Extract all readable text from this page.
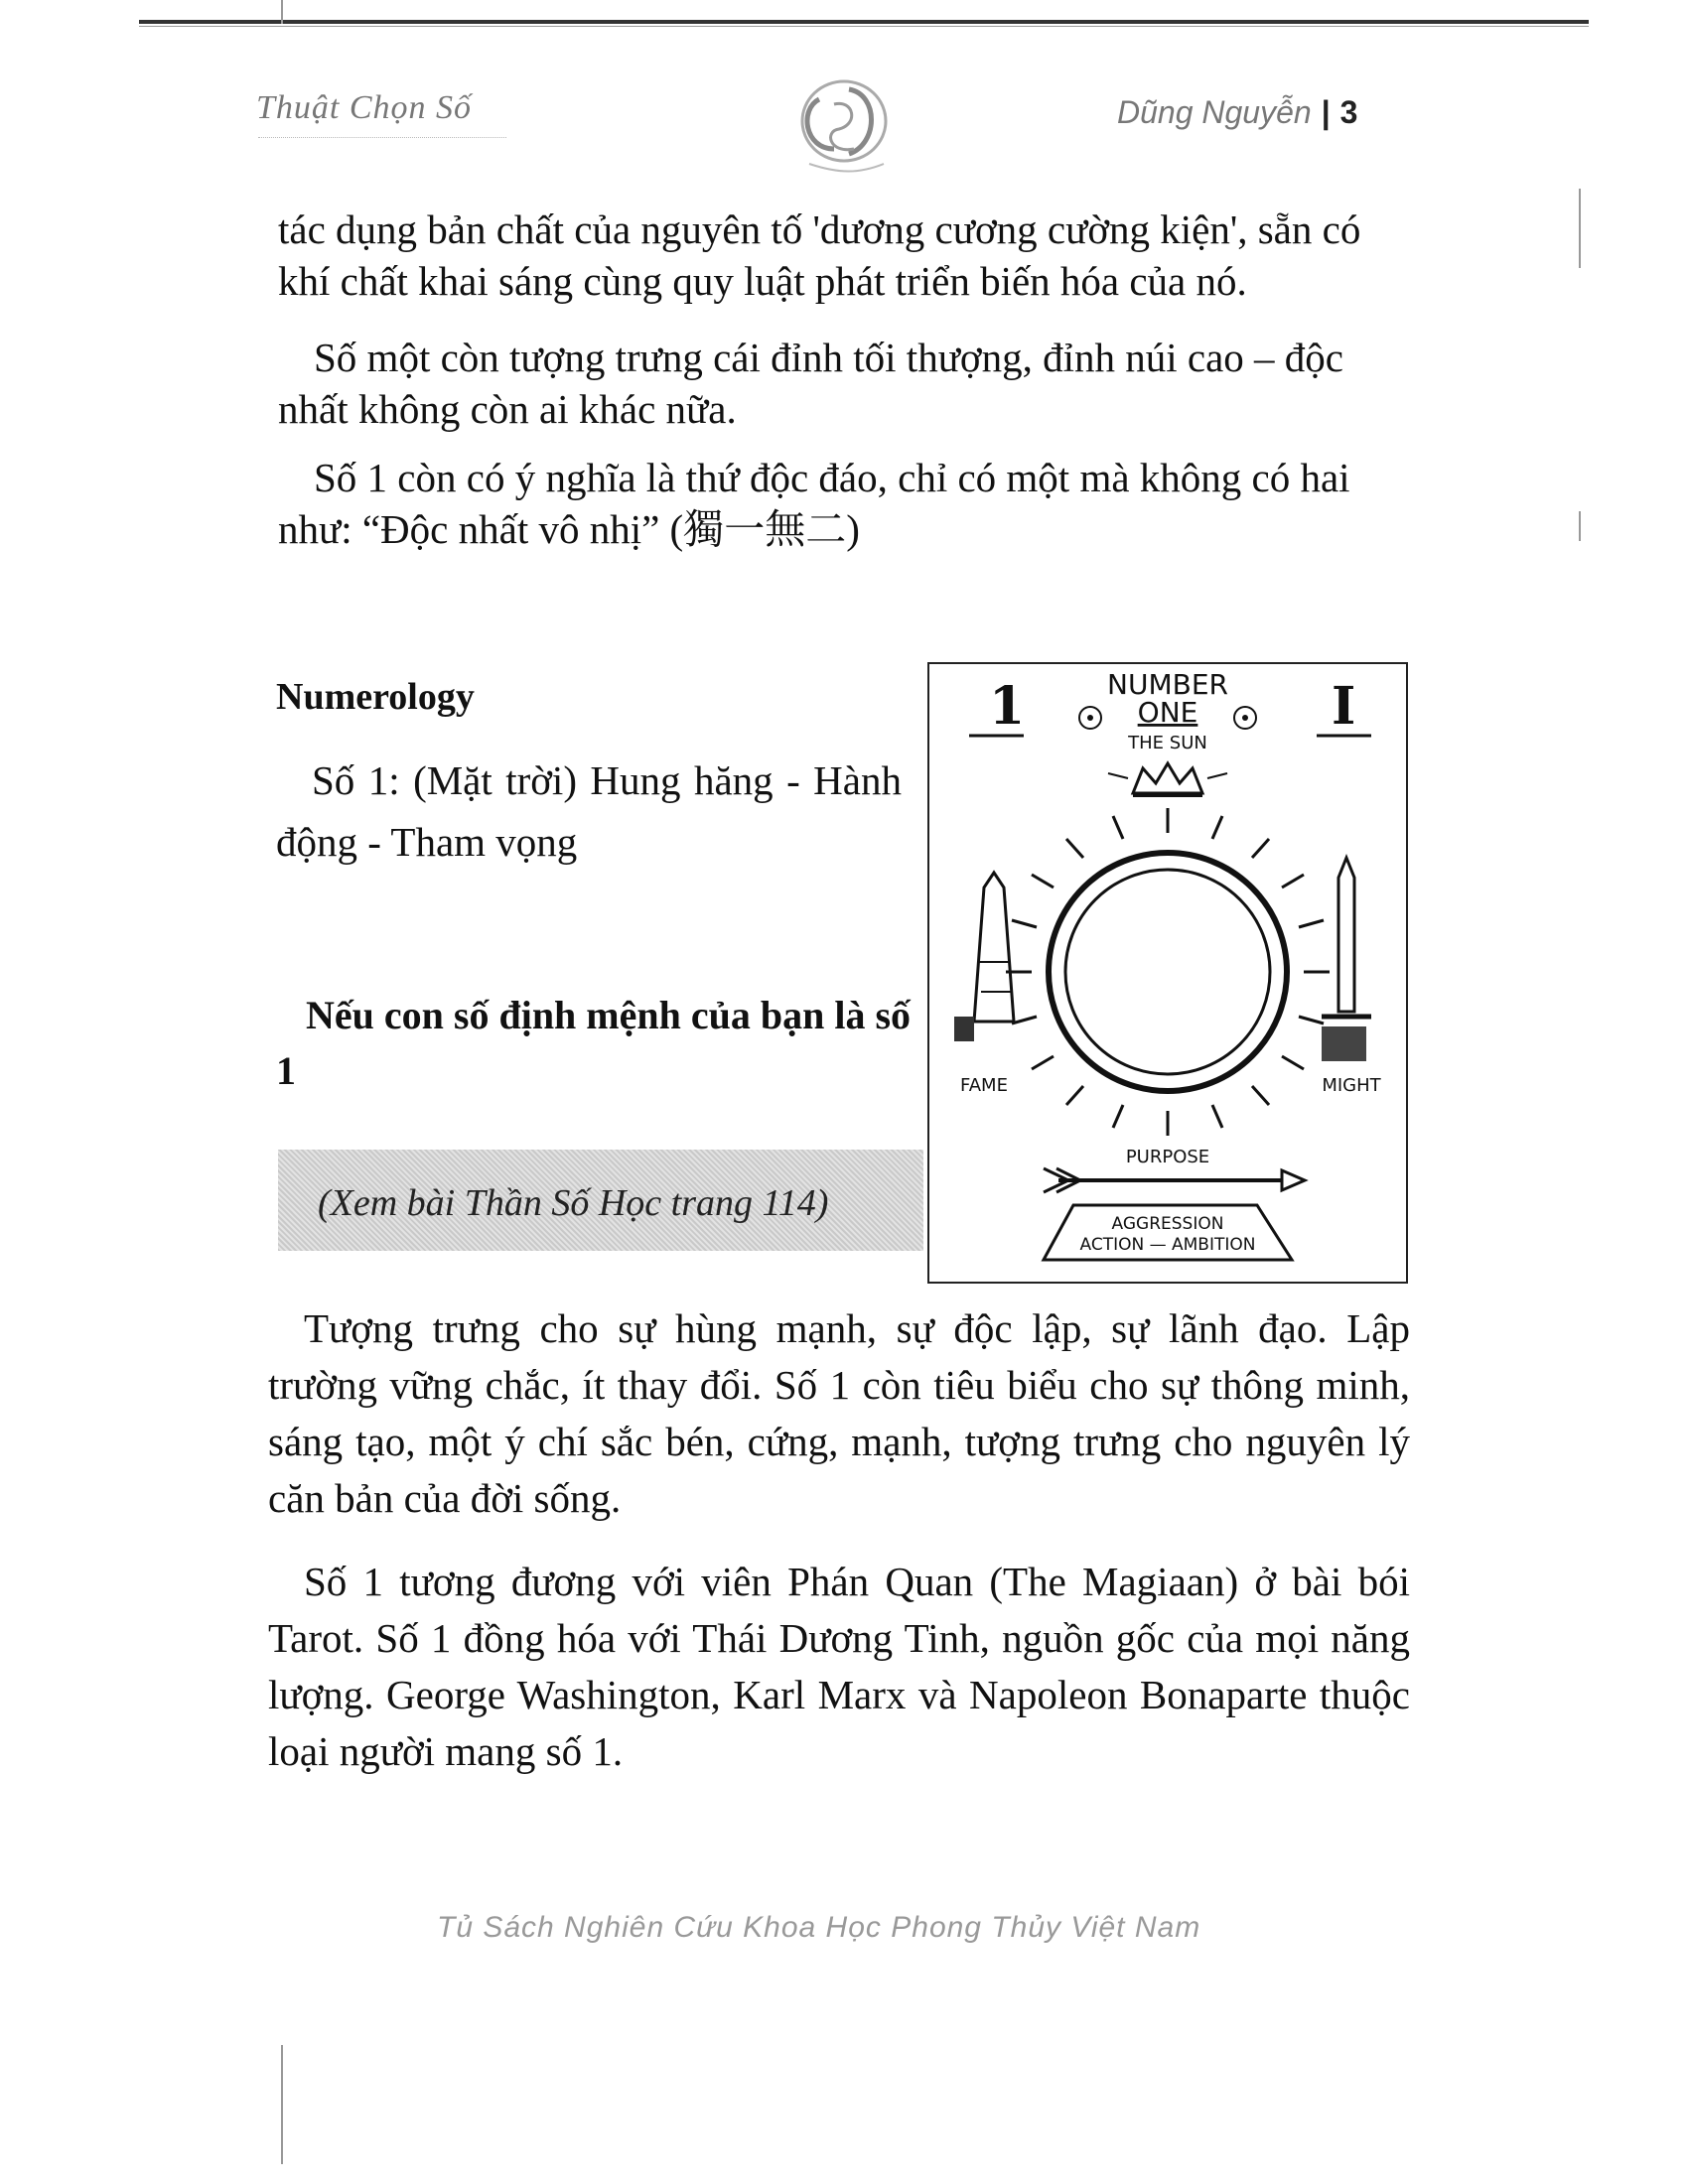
Thuật Chọn Số	Dũng Nguyễn | 3
tác dụng bản chất của nguyên tố 'dương cương cường kiện', sẵn có khí chất khai sáng cùng quy luật phát triển biến hóa của nó.
Số một còn tượng trưng cái đỉnh tối thượng, đỉnh núi cao – độc nhất không còn ai khác nữa.
Số 1 còn có ý nghĩa là thứ độc đáo, chỉ có một mà không có hai như: “Độc nhất vô nhị” (獨一無二)
Numerology
Số 1: (Mặt trời) Hung hăng - Hành động - Tham vọng
Nếu con số định mệnh của bạn là số 1
(Xem bài Thần Số Học trang 114)
1	I
NUMBER
ONE
THE SUN
FAME	MIGHT
PURPOSE
AGGRESSION
ACTION — AMBITION
Tượng trưng cho sự hùng mạnh, sự độc lập, sự lãnh đạo. Lập trường vững chắc, ít thay đổi. Số 1 còn tiêu biểu cho sự thông minh, sáng tạo, một ý chí sắc bén, cứng, mạnh, tượng trưng cho nguyên lý căn bản của đời sống.
Số 1 tương đương với viên Phán Quan (The Magiaan) ở bài bói Tarot. Số 1 đồng hóa với Thái Dương Tinh, nguồn gốc của mọi năng lượng. George Washington, Karl Marx và Napoleon Bonaparte thuộc loại người mang số 1.
Tủ Sách Nghiên Cứu Khoa Học Phong Thủy Việt Nam
